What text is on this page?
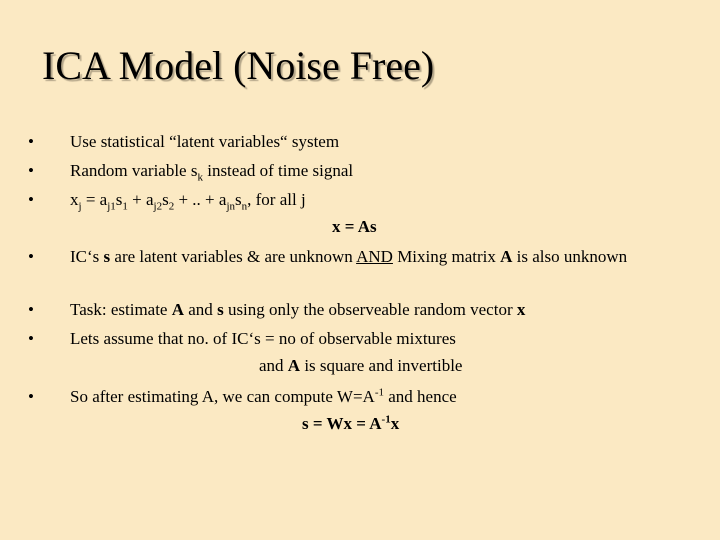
ICA Model (Noise Free)
•	Use statistical “latent variables“ system
•	Random variable $s_k$ instead of time signal
•	$x_j = a_{j1}s_1 + a_{j2}s_2$ + .. + $a_{jn}s_n$, for all j
x = As
•	IC‘s s are latent variables & are unknown AND Mixing matrix A is also unknown
•	Task: estimate A and s using only the observeable random vector x
•	Lets assume that no. of IC‘s = no of observable mixtures
and A is square and invertible
•	So after estimating A, we can compute $W=A^{-1}$ and hence
$s = Wx = A^{-1}x$
